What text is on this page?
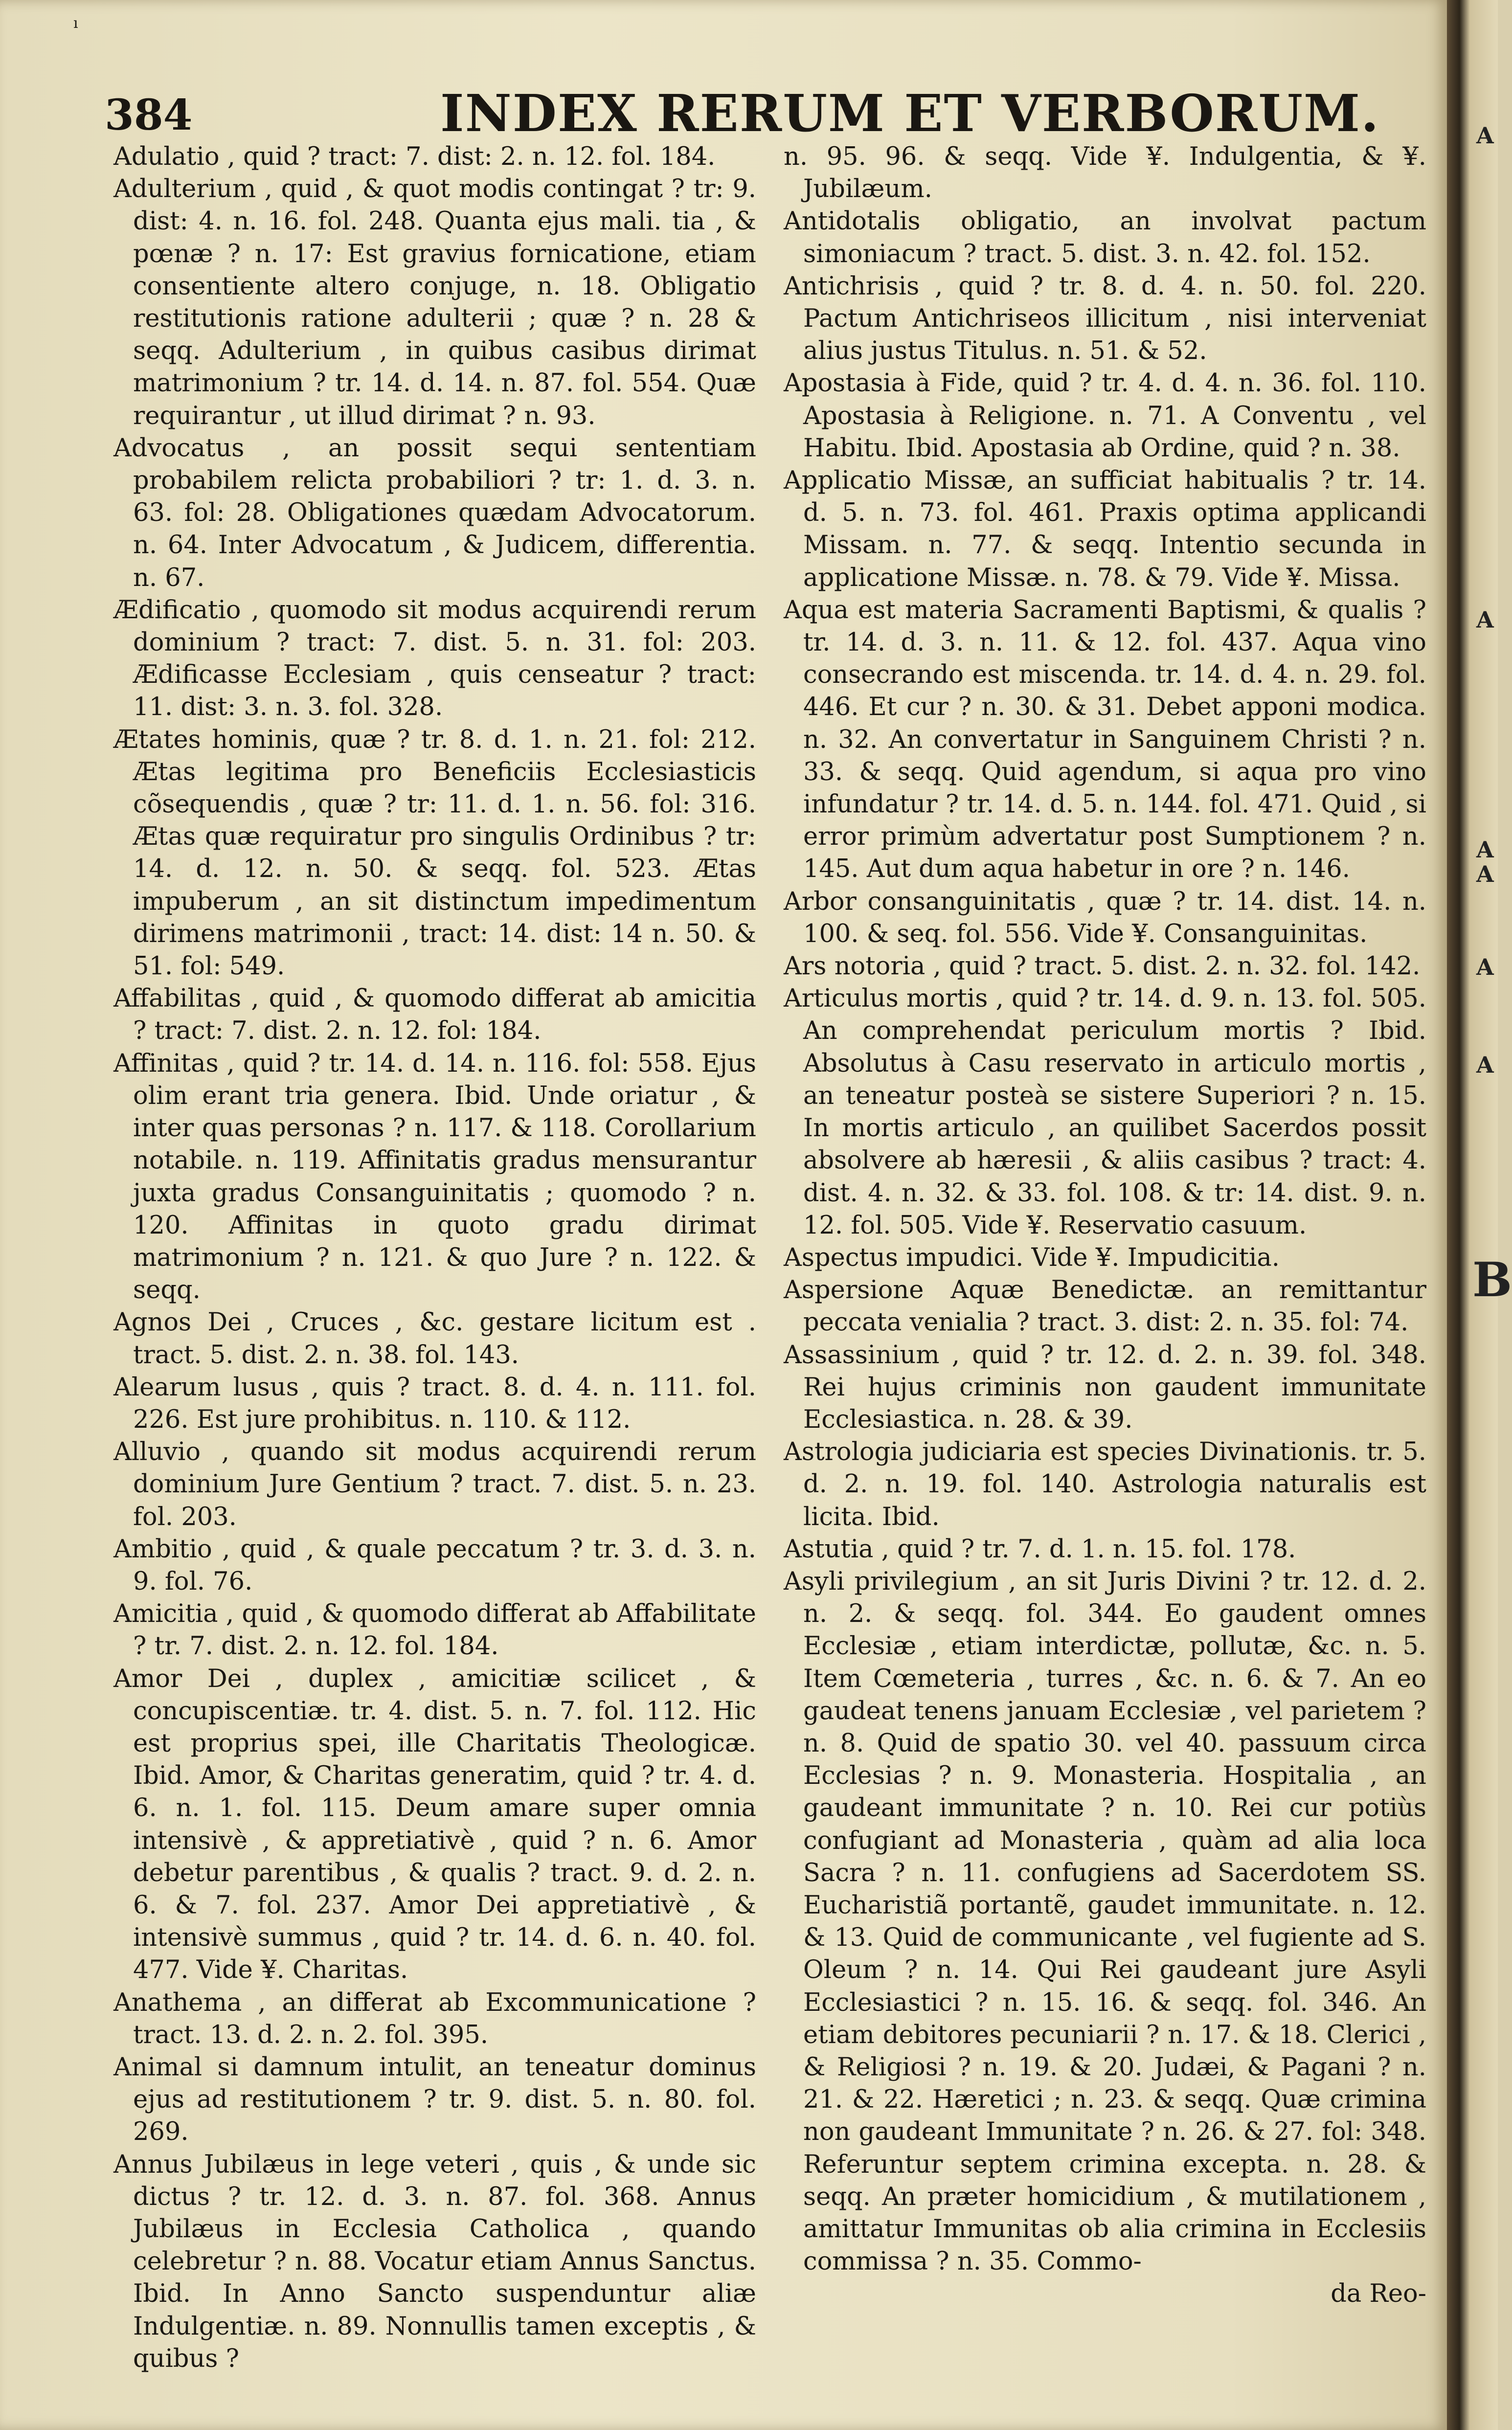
ı
384	INDEX RERUM ET VERBORUM.

Adulatio , quid ? tract: 7. dist: 2. n. 12. fol. 184.

Adulterium , quid , & quot modis contingat ? tr: 9. dist: 4. n. 16. fol. 248. Quanta ejus mali. tia , & pœnæ ? n. 17: Est gravius fornicatione, etiam consentiente altero conjuge, n. 18. Obligatio restitutionis ratione adulterii ; quæ ? n. 28 & seqq. Adulterium , in quibus casibus dirimat matrimonium ? tr. 14. d. 14. n. 87. fol. 554. Quæ requirantur , ut illud dirimat ? n. 93.

Advocatus , an possit sequi sententiam probabilem relicta probabiliori ? tr: 1. d. 3. n. 63. fol: 28. Obligationes quædam Advocatorum. n. 64. Inter Advocatum , & Judicem, differentia. n. 67.

Ædificatio , quomodo sit modus acquirendi rerum dominium ? tract: 7. dist. 5. n. 31. fol: 203. Ædificasse Ecclesiam , quis censeatur ? tract: 11. dist: 3. n. 3. fol. 328.

Ætates hominis, quæ ? tr. 8. d. 1. n. 21. fol: 212. Ætas legitima pro Beneficiis Ecclesiasticis cõsequendis , quæ ? tr: 11. d. 1. n. 56. fol: 316. Ætas quæ requiratur pro singulis Ordinibus ? tr: 14. d. 12. n. 50. & seqq. fol. 523. Ætas impuberum , an sit distinctum impedimentum dirimens matrimonii , tract: 14. dist: 14 n. 50. & 51. fol: 549.

Affabilitas , quid , & quomodo differat ab amicitia ? tract: 7. dist. 2. n. 12. fol: 184.

Affinitas , quid ? tr. 14. d. 14. n. 116. fol: 558. Ejus olim erant tria genera. Ibid. Unde oriatur , & inter quas personas ? n. 117. & 118. Corollarium notabile. n. 119. Affinitatis gradus mensurantur juxta gradus Consanguinitatis ; quomodo ? n. 120. Affinitas in quoto gradu dirimat matrimonium ? n. 121. & quo Jure ? n. 122. & seqq.

Agnos Dei , Cruces , &c. gestare licitum est . tract. 5. dist. 2. n. 38. fol. 143.

Alearum lusus , quis ? tract. 8. d. 4. n. 111. fol. 226. Est jure prohibitus. n. 110. & 112.

Alluvio , quando sit modus acquirendi rerum dominium Jure Gentium ? tract. 7. dist. 5. n. 23. fol. 203.

Ambitio , quid , & quale peccatum ? tr. 3. d. 3. n. 9. fol. 76.

Amicitia , quid , & quomodo differat ab Affabilitate ? tr. 7. dist. 2. n. 12. fol. 184.

Amor Dei , duplex , amicitiæ scilicet , & concupiscentiæ. tr. 4. dist. 5. n. 7. fol. 112. Hic est proprius spei, ille Charitatis Theologicæ. Ibid. Amor, & Charitas generatim, quid ? tr. 4. d. 6. n. 1. fol. 115. Deum amare super omnia intensivè , & appretiativè , quid ? n. 6. Amor debetur parentibus , & qualis ? tract. 9. d. 2. n. 6. & 7. fol. 237. Amor Dei appretiativè , & intensivè summus , quid ? tr. 14. d. 6. n. 40. fol. 477. Vide ¥. Charitas.

Anathema , an differat ab Excommunicatione ? tract. 13. d. 2. n. 2. fol. 395.

Animal si damnum intulit, an teneatur dominus ejus ad restitutionem ? tr. 9. dist. 5. n. 80. fol. 269.

Annus Jubilæus in lege veteri , quis , & unde sic dictus ? tr. 12. d. 3. n. 87. fol. 368. Annus Jubilæus in Ecclesia Catholica , quando celebretur ? n. 88. Vocatur etiam Annus Sanctus. Ibid. In Anno Sancto suspenduntur aliæ Indulgentiæ. n. 89. Nonnullis tamen exceptis , & quibus ?

n. 95. 96. & seqq. Vide ¥. Indulgentia, & ¥. Jubilæum.

Antidotalis obligatio, an involvat pactum simoniacum ? tract. 5. dist. 3. n. 42. fol. 152.

Antichrisis , quid ? tr. 8. d. 4. n. 50. fol. 220. Pactum Antichriseos illicitum , nisi interveniat alius justus Titulus. n. 51. & 52.

Apostasia à Fide, quid ? tr. 4. d. 4. n. 36. fol. 110. Apostasia à Religione. n. 71. A Conventu , vel Habitu. Ibid. Apostasia ab Ordine, quid ? n. 38.

Applicatio Missæ, an sufficiat habitualis ? tr. 14. d. 5. n. 73. fol. 461. Praxis optima applicandi Missam. n. 77. & seqq. Intentio secunda in applicatione Missæ. n. 78. & 79. Vide ¥. Missa.

Aqua est materia Sacramenti Baptismi, & qualis ? tr. 14. d. 3. n. 11. & 12. fol. 437. Aqua vino consecrando est miscenda. tr. 14. d. 4. n. 29. fol. 446. Et cur ? n. 30. & 31. Debet apponi modica. n. 32. An convertatur in Sanguinem Christi ? n. 33. & seqq. Quid agendum, si aqua pro vino infundatur ? tr. 14. d. 5. n. 144. fol. 471. Quid , si error primùm advertatur post Sumptionem ? n. 145. Aut dum aqua habetur in ore ? n. 146.

Arbor consanguinitatis , quæ ? tr. 14. dist. 14. n. 100. & seq. fol. 556. Vide ¥. Consanguinitas.

Ars notoria , quid ? tract. 5. dist. 2. n. 32. fol. 142.

Articulus mortis , quid ? tr. 14. d. 9. n. 13. fol. 505. An comprehendat periculum mortis ? Ibid. Absolutus à Casu reservato in articulo mortis , an teneatur posteà se sistere Superiori ? n. 15. In mortis articulo , an quilibet Sacerdos possit absolvere ab hæresii , & aliis casibus ? tract: 4. dist. 4. n. 32. & 33. fol. 108. & tr: 14. dist. 9. n. 12. fol. 505. Vide ¥. Reservatio casuum.

Aspectus impudici. Vide ¥. Impudicitia.

Aspersione Aquæ Benedictæ. an remittantur peccata venialia ? tract. 3. dist: 2. n. 35. fol: 74.

Assassinium , quid ? tr. 12. d. 2. n. 39. fol. 348. Rei hujus criminis non gaudent immunitate Ecclesiastica. n. 28. & 39.

Astrologia judiciaria est species Divinationis. tr. 5. d. 2. n. 19. fol. 140. Astrologia naturalis est licita. Ibid.

Astutia , quid ? tr. 7. d. 1. n. 15. fol. 178.

Asyli privilegium , an sit Juris Divini ? tr. 12. d. 2. n. 2. & seqq. fol. 344. Eo gaudent omnes Ecclesiæ , etiam interdictæ, pollutæ, &c. n. 5. Item Cœmeteria , turres , &c. n. 6. & 7. An eo gaudeat tenens januam Ecclesiæ , vel parietem ? n. 8. Quid de spatio 30. vel 40. passuum circa Ecclesias ? n. 9. Monasteria. Hospitalia , an gaudeant immunitate ? n. 10. Rei cur potiùs confugiant ad Monasteria , quàm ad alia loca Sacra ? n. 11. confugiens ad Sacerdotem SS. Eucharistiã portantẽ, gaudet immunitate. n. 12. & 13. Quid de communicante , vel fugiente ad S. Oleum ? n. 14. Qui Rei gaudeant jure Asyli Ecclesiastici ? n. 15. 16. & seqq. fol. 346. An etiam debitores pecuniarii ? n. 17. & 18. Clerici , & Religiosi ? n. 19. & 20. Judæi, & Pagani ? n. 21. & 22. Hæretici ; n. 23. & seqq. Quæ crimina non gaudeant Immunitate ? n. 26. & 27. fol: 348. Referuntur septem crimina excepta. n. 28. & seqq. An præter homicidium , & mutilationem , amittatur Immunitas ob alia crimina in Ecclesiis commissa ? n. 35. Commo-

da Reo-

A
A
A
A
A
A
B
